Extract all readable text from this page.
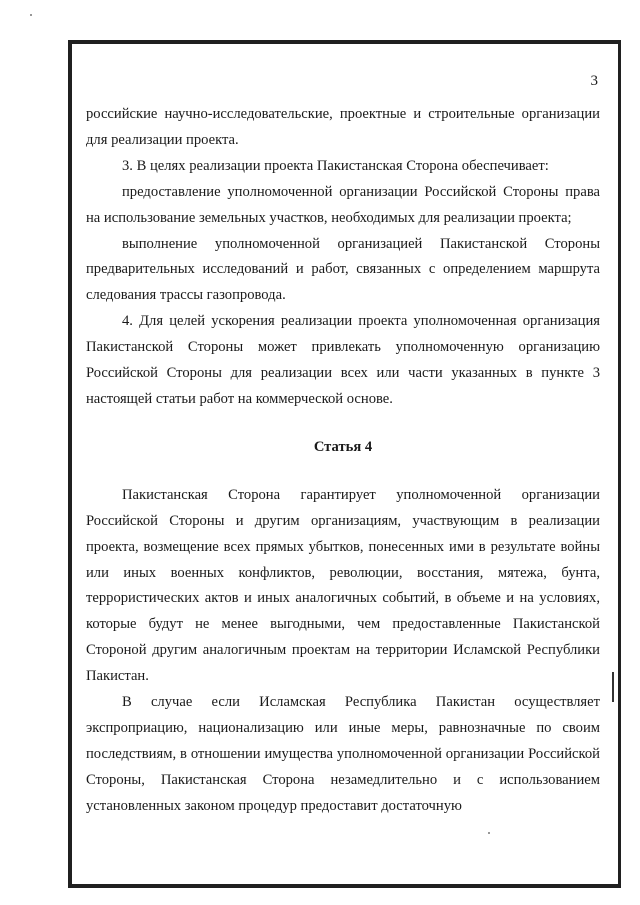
3

российские научно-исследовательские, проектные и строительные организации для реализации проекта.

3. В целях реализации проекта Пакистанская Сторона обеспечивает:

предоставление уполномоченной организации Российской Стороны права на использование земельных участков, необходимых для реализации проекта;

выполнение уполномоченной организацией Пакистанской Стороны предварительных исследований и работ, связанных с определением маршрута следования трассы газопровода.

4. Для целей ускорения реализации проекта уполномоченная организация Пакистанской Стороны может привлекать уполномоченную организацию Российской Стороны для реализации всех или части указанных в пункте 3 настоящей статьи работ на коммерческой основе.

Статья 4

Пакистанская Сторона гарантирует уполномоченной организации Российской Стороны и другим организациям, участвующим в реализации проекта, возмещение всех прямых убытков, понесенных ими в результате войны или иных военных конфликтов, революции, восстания, мятежа, бунта, террористических актов и иных аналогичных событий, в объеме и на условиях, которые будут не менее выгодными, чем предоставленные Пакистанской Стороной другим аналогичным проектам на территории Исламской Республики Пакистан.

В случае если Исламская Республика Пакистан осуществляет экспроприацию, национализацию или иные меры, равнозначные по своим последствиям, в отношении имущества уполномоченной организации Российской Стороны, Пакистанская Сторона незамедлительно и с использованием установленных законом процедур предоставит достаточную
